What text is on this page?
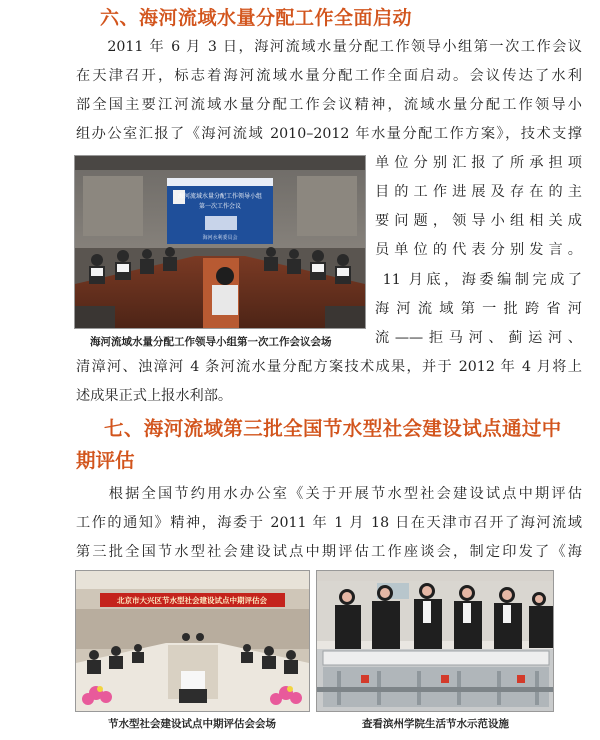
六、海河流域水量分配工作全面启动
　　2011 年 6 月 3 日，海河流域水量分配工作领导小组第一次工作会议
在天津召开，标志着海河流域水量分配工作全面启动。会议传达了水利
部全国主要江河流域水量分配工作会议精神，流域水量分配工作领导小
组办公室汇报了《海河流域 2010–2012 年水量分配工作方案》，技术支撑
海河流域水量分配工作领导小组
第一次工作会议
海河水利委员会
海河流域水量分配工作领导小组第一次工作会议会场
单位分别汇报了所承担项
目的工作进展及存在的主
要问题，领导小组相关成
员单位的代表分别发言。
　11 月底，海委编制完成了
海河流域第一批跨省河
流——拒马河、蓟运河、
清漳河、浊漳河 4 条河流水量分配方案技术成果，并于 2012 年 4 月将上
述成果正式上报水利部。
七、海河流域第三批全国节水型社会建设试点通过中
期评估
　　根据全国节约用水办公室《关于开展节水型社会建设试点中期评估
工作的通知》精神，海委于 2011 年 1 月 18 日在天津市召开了海河流域
第三批全国节水型社会建设试点中期评估工作座谈会，制定印发了《海
北京市大兴区节水型社会建设试点中期评估会
节水型社会建设试点中期评估会会场	查看滨州学院生活节水示范设施
